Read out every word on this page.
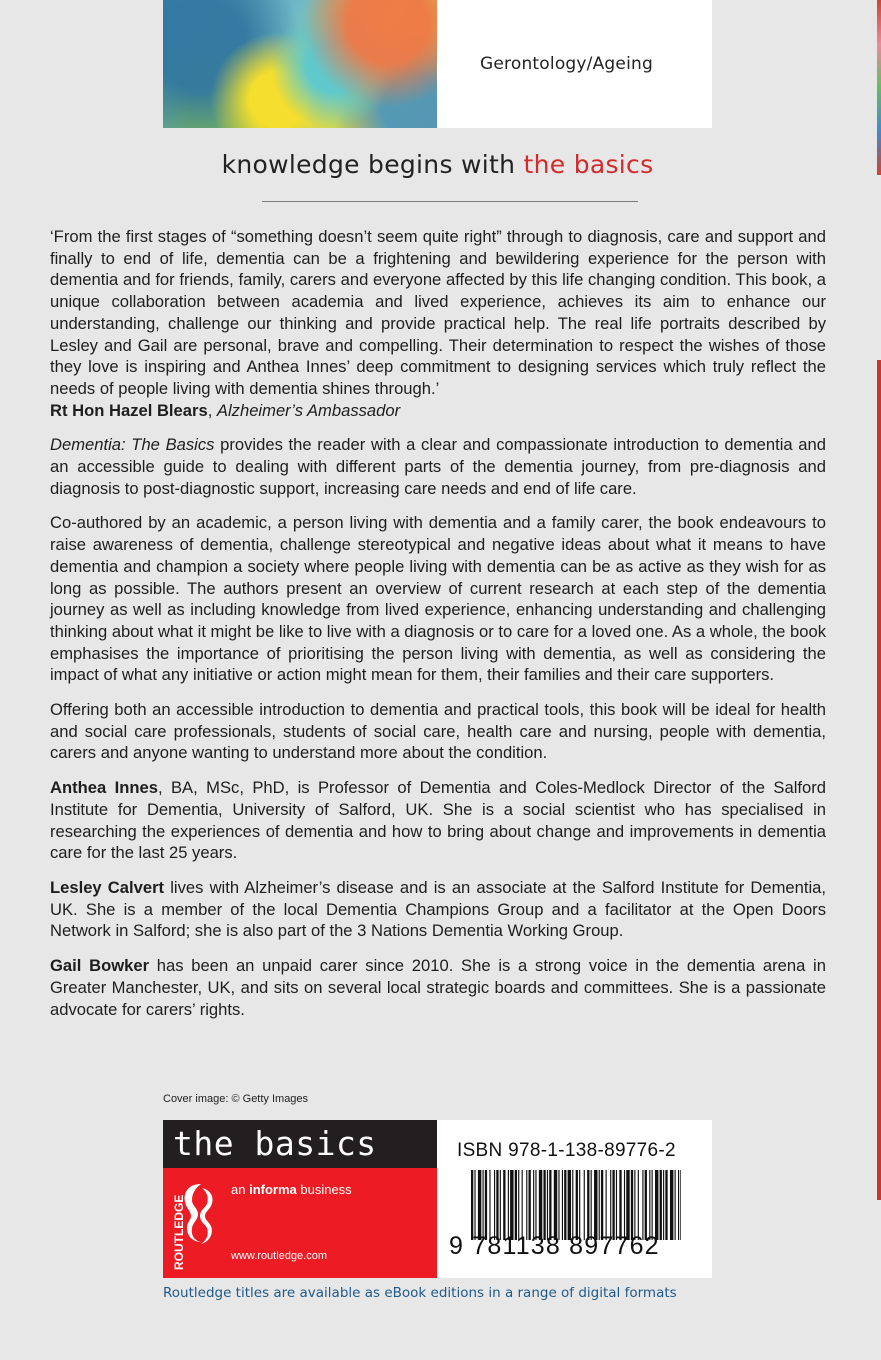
Gerontology/Ageing
knowledge begins with the basics

‘From the first stages of “something doesn’t seem quite right” through to diagnosis, care and support and finally to end of life, dementia can be a frightening and bewildering experience for the person with dementia and for friends, family, carers and everyone affected by this life changing condition. This book, a unique collaboration between academia and lived experience, achieves its aim to enhance our understanding, challenge our thinking and provide practical help. The real life portraits described by Lesley and Gail are personal, brave and compelling. Their determination to respect the wishes of those they love is inspiring and Anthea Innes’ deep commitment to designing services which truly reflect the needs of people living with dementia shines through.’
Rt Hon Hazel Blears, Alzheimer’s Ambassador

Dementia: The Basics provides the reader with a clear and compassionate introduction to dementia and an accessible guide to dealing with different parts of the dementia journey, from pre-diagnosis and diagnosis to post-diagnostic support, increasing care needs and end of life care.

Co-authored by an academic, a person living with dementia and a family carer, the book endeavours to raise awareness of dementia, challenge stereotypical and negative ideas about what it means to have dementia and champion a society where people living with dementia can be as active as they wish for as long as possible. The authors present an overview of current research at each step of the dementia journey as well as including knowledge from lived experience, enhancing understanding and challenging thinking about what it might be like to live with a diagnosis or to care for a loved one. As a whole, the book emphasises the importance of prioritising the person living with dementia, as well as considering the impact of what any initiative or action might mean for them, their families and their care supporters.

Offering both an accessible introduction to dementia and practical tools, this book will be ideal for health and social care professionals, students of social care, health care and nursing, people with dementia, carers and anyone wanting to understand more about the condition.

Anthea Innes, BA, MSc, PhD, is Professor of Dementia and Coles-Medlock Director of the Salford Institute for Dementia, University of Salford, UK. She is a social scientist who has specialised in researching the experiences of dementia and how to bring about change and improvements in dementia care for the last 25 years.

Lesley Calvert lives with Alzheimer’s disease and is an associate at the Salford Institute for Dementia, UK. She is a member of the local Dementia Champions Group and a facilitator at the Open Doors Network in Salford; she is also part of the 3 Nations Dementia Working Group.

Gail Bowker has been an unpaid carer since 2010. She is a strong voice in the dementia arena in Greater Manchester, UK, and sits on several local strategic boards and committees. She is a passionate advocate for carers’ rights.

Cover image: © Getty Images
the basics
ROUTLEDGE
an informa business
www.routledge.com
ISBN 978-1-138-89776-2
9 781138 897762
Routledge titles are available as eBook editions in a range of digital formats
